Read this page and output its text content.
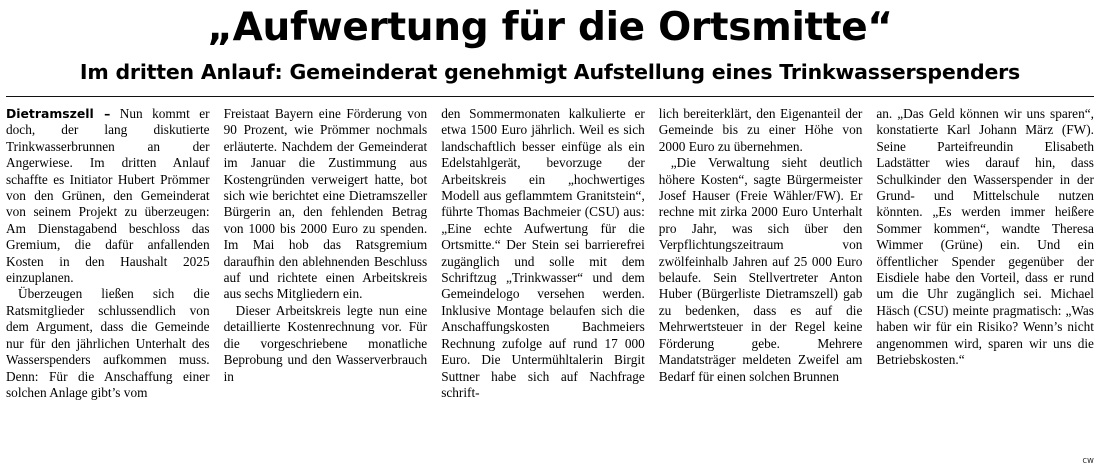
„Aufwertung für die Ortsmitte“
Im dritten Anlauf: Gemeinderat genehmigt Aufstellung eines Trinkwasserspenders

Dietramszell – Nun kommt er doch, der lang diskutierte Trinkwasserbrunnen an der Angerwiese. Im dritten Anlauf schaffte es Initiator Hubert Prömmer von den Grünen, den Gemeinderat von seinem Projekt zu überzeugen: Am Dienstagabend beschloss das Gremium, die dafür anfallenden Kosten in den Haushalt 2025 einzuplanen.

Überzeugen ließen sich die Ratsmitglieder schlussendlich von dem Argument, dass die Gemeinde nur für den jährlichen Unterhalt des Wasserspenders aufkommen muss. Denn: Für die Anschaffung einer solchen Anlage gibt’s vom

Freistaat Bayern eine Förderung von 90 Prozent, wie Prömmer nochmals erläuterte. Nachdem der Gemeinderat im Januar die Zustimmung aus Kostengründen verweigert hatte, bot sich wie berichtet eine Dietramszeller Bürgerin an, den fehlenden Betrag von 1000 bis 2000 Euro zu spenden. Im Mai hob das Ratsgremium daraufhin den ablehnenden Beschluss auf und richtete einen Arbeitskreis aus sechs Mitgliedern ein.

Dieser Arbeitskreis legte nun eine detaillierte Kostenrechnung vor. Für die vorgeschriebene monatliche Beprobung und den Wasserverbrauch in

den Sommermonaten kalkulierte er etwa 1500 Euro jährlich. Weil es sich landschaftlich besser einfüge als ein Edelstahlgerät, bevorzuge der Arbeitskreis ein „hochwertiges Modell aus geflammtem Granitstein“, führte Thomas Bachmeier (CSU) aus: „Eine echte Aufwertung für die Ortsmitte.“ Der Stein sei barrierefrei zugänglich und solle mit dem Schriftzug „Trinkwasser“ und dem Gemeindelogo versehen werden. Inklusive Montage belaufen sich die Anschaffungskosten Bachmeiers Rechnung zufolge auf rund 17 000 Euro. Die Untermühltalerin Birgit Suttner habe sich auf Nachfrage schrift-

lich bereiterklärt, den Eigenanteil der Gemeinde bis zu einer Höhe von 2000 Euro zu übernehmen.

„Die Verwaltung sieht deutlich höhere Kosten“, sagte Bürgermeister Josef Hauser (Freie Wähler/FW). Er rechne mit zirka 2000 Euro Unterhalt pro Jahr, was sich über den Verpflichtungszeitraum von zwölfeinhalb Jahren auf 25 000 Euro belaufe. Sein Stellvertreter Anton Huber (Bürgerliste Dietramszell) gab zu bedenken, dass es auf die Mehrwertsteuer in der Regel keine Förderung gebe. Mehrere Mandatsträger meldeten Zweifel am Bedarf für einen solchen Brunnen

an. „Das Geld können wir uns sparen“, konstatierte Karl Johann März (FW). Seine Parteifreundin Elisabeth Ladstätter wies darauf hin, dass Schulkinder den Wasserspender in der Grund- und Mittelschule nutzen könnten. „Es werden immer heißere Sommer kommen“, wandte Theresa Wimmer (Grüne) ein. Und ein öffentlicher Spender gegenüber der Eisdiele habe den Vorteil, dass er rund um die Uhr zugänglich sei. Michael Häsch (CSU) meinte pragmatisch: „Was haben wir für ein Risiko? Wenn’s nicht angenommen wird, sparen wir uns die Betriebskosten.“

cw
